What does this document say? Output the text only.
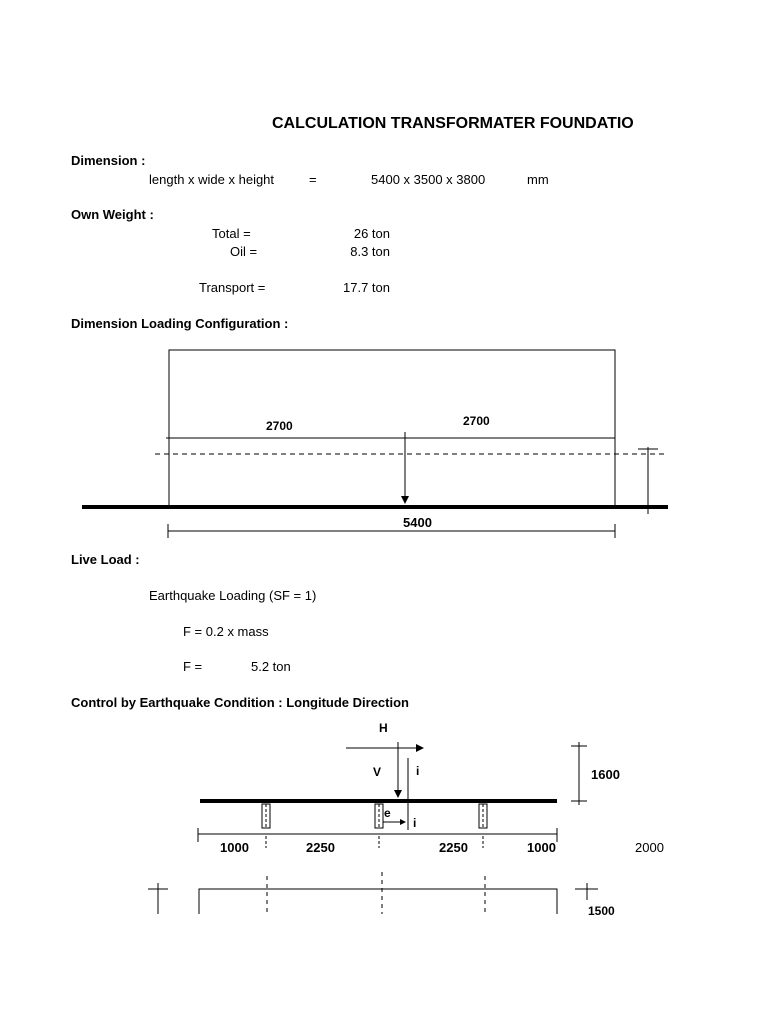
CALCULATION TRANSFORMATER FOUNDATIO
Dimension :
length x wide x height	=	5400 x 3500 x 3800	mm
Own Weight :
Total =	26 ton
Oil =	8.3 ton
Transport =	17.7 ton
Dimension Loading Configuration :
2700	2700
5400
Live Load :
Earthquake Loading (SF = 1)
F = 0.2 x mass
F =	5.2 ton
Control by Earthquake Condition : Longitude Direction
H
V	i
e
i
1600
1000	2250	2250	1000	2000
1500
